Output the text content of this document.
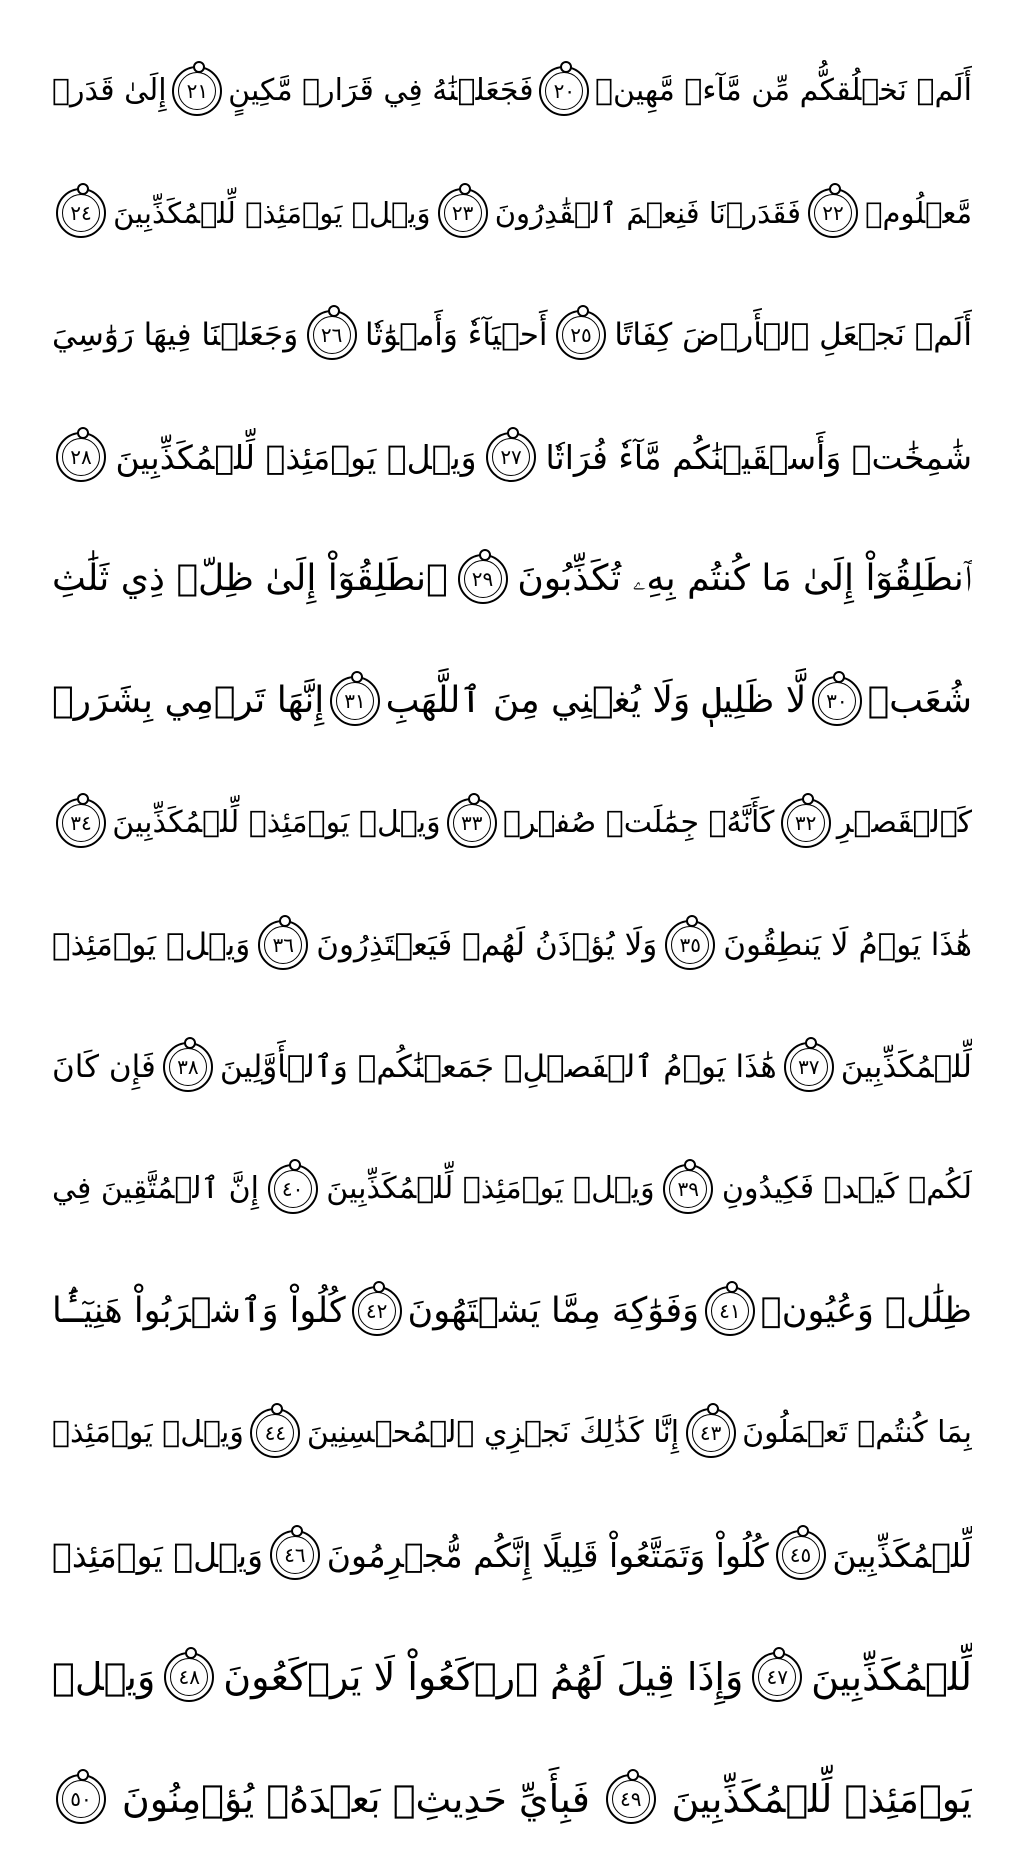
أَلَمۡ نَخۡلُقكُّم مِّن مَّآءٖ مَّهِينٖ
٢٠
فَجَعَلۡنَٰهُ فِي قَرَارٖ مَّكِينٍ
٢١
إِلَىٰ قَدَرٖ
مَّعۡلُومٖ
٢٢
فَقَدَرۡنَا فَنِعۡمَ ٱلۡقَٰدِرُونَ
٢٣
وَيۡلٞ يَوۡمَئِذٖ لِّلۡمُكَذِّبِينَ
٢٤
أَلَمۡ نَجۡعَلِ ٱلۡأَرۡضَ كِفَاتًا
٢٥
أَحۡيَآءٗ وَأَمۡوَٰتٗا
٢٦
وَجَعَلۡنَا فِيهَا رَوَٰسِيَ
شَٰمِخَٰتٖ وَأَسۡقَيۡنَٰكُم مَّآءٗ فُرَاتٗا
٢٧
وَيۡلٞ يَوۡمَئِذٖ لِّلۡمُكَذِّبِينَ
٢٨
ٱنطَلِقُوٓاْ إِلَىٰ مَا كُنتُم بِهِۦ تُكَذِّبُونَ
٢٩
ٱنطَلِقُوٓاْ إِلَىٰ ظِلّٖ ذِي ثَلَٰثِ
شُعَبٖ
٣٠
لَّا ظَلِيلٖ وَلَا يُغۡنِي مِنَ ٱللَّهَبِ
٣١
إِنَّهَا تَرۡمِي بِشَرَرٖ
كَٱلۡقَصۡرِ
٣٢
كَأَنَّهُۥ جِمَٰلَتٞ صُفۡرٞ
٣٣
وَيۡلٞ يَوۡمَئِذٖ لِّلۡمُكَذِّبِينَ
٣٤
هَٰذَا يَوۡمُ لَا يَنطِقُونَ
٣٥
وَلَا يُؤۡذَنُ لَهُمۡ فَيَعۡتَذِرُونَ
٣٦
وَيۡلٞ يَوۡمَئِذٖ
لِّلۡمُكَذِّبِينَ
٣٧
هَٰذَا يَوۡمُ ٱلۡفَصۡلِۖ جَمَعۡنَٰكُمۡ وَٱلۡأَوَّلِينَ
٣٨
فَإِن كَانَ
لَكُمۡ كَيۡدٞ فَكِيدُونِ
٣٩
وَيۡلٞ يَوۡمَئِذٖ لِّلۡمُكَذِّبِينَ
٤٠
إِنَّ ٱلۡمُتَّقِينَ فِي
ظِلَٰلٖ وَعُيُونٖ
٤١
وَفَوَٰكِهَ مِمَّا يَشۡتَهُونَ
٤٢
كُلُواْ وَٱشۡرَبُواْ هَنِيٓـَٔۢا
بِمَا كُنتُمۡ تَعۡمَلُونَ
٤٣
إِنَّا كَذَٰلِكَ نَجۡزِي ٱلۡمُحۡسِنِينَ
٤٤
وَيۡلٞ يَوۡمَئِذٖ
لِّلۡمُكَذِّبِينَ
٤٥
كُلُواْ وَتَمَتَّعُواْ قَلِيلًا إِنَّكُم مُّجۡرِمُونَ
٤٦
وَيۡلٞ يَوۡمَئِذٖ
لِّلۡمُكَذِّبِينَ
٤٧
وَإِذَا قِيلَ لَهُمُ ٱرۡكَعُواْ لَا يَرۡكَعُونَ
٤٨
وَيۡلٞ
يَوۡمَئِذٖ لِّلۡمُكَذِّبِينَ
٤٩
فَبِأَيِّ حَدِيثِۭ بَعۡدَهُۥ يُؤۡمِنُونَ
٥٠
